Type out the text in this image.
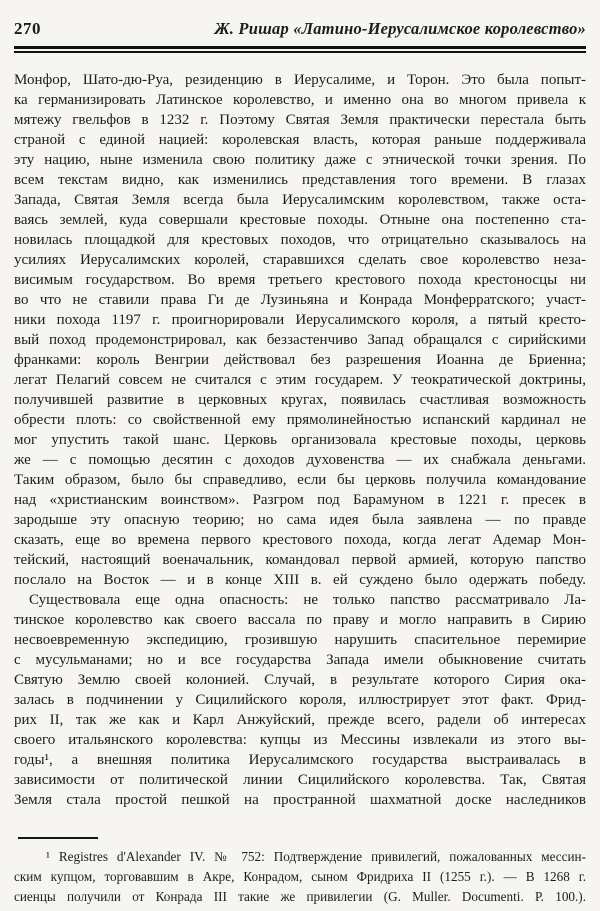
270	Ж. Ришар «Латино-Иерусалимское королевство»
Монфор, Шато-дю-Руа, резиденцию в Иерусалиме, и Торон. Это была попыт-
ка германизировать Латинское королевство, и именно она во многом привела к
мятежу гвельфов в 1232 г. Поэтому Святая Земля практически перестала быть
страной с единой нацией: королевская власть, которая раньше поддерживала
эту нацию, ныне изменила свою политику даже с этнической точки зрения. По
всем текстам видно, как изменились представления того времени. В глазах
Запада, Святая Земля всегда была Иерусалимским королевством, также оста-
ваясь землей, куда совершали крестовые походы. Отныне она постепенно ста-
новилась площадкой для крестовых походов, что отрицательно сказывалось на
усилиях Иерусалимских королей, старавшихся сделать свое королевство неза-
висимым государством. Во время третьего крестового похода крестоносцы ни
во что не ставили права Ги де Лузиньяна и Конрада Монферратского; участ-
ники похода 1197 г. проигнорировали Иерусалимского короля, а пятый кресто-
вый поход продемонстрировал, как беззастенчиво Запад обращался с сирийскими
франками: король Венгрии действовал без разрешения Иоанна де Бриенна;
легат Пелагий совсем не считался с этим государем. У теократической доктрины,
получившей развитие в церковных кругах, появилась счастливая возможность
обрести плоть: со свойственной ему прямолинейностью испанский кардинал не
мог упустить такой шанс. Церковь организовала крестовые походы, церковь
же — с помощью десятин с доходов духовенства — их снабжала деньгами.
Таким образом, было бы справедливо, если бы церковь получила командование
над «христианским воинством». Разгром под Барамуном в 1221 г. пресек в
зародыше эту опасную теорию; но сама идея была заявлена — по правде
сказать, еще во времена первого крестового похода, когда легат Адемар Мон-
тейский, настоящий военачальник, командовал первой армией, которую папство
послало на Восток — и в конце XIII в. ей суждено было одержать победу.
Существовала еще одна опасность: не только папство рассматривало Ла-
тинское королевство как своего вассала по праву и могло направить в Сирию
несвоевременную экспедицию, грозившую нарушить спасительное перемирие
с мусульманами; но и все государства Запада имели обыкновение считать
Святую Землю своей колонией. Случай, в результате которого Сирия ока-
залась в подчинении у Сицилийского короля, иллюстрирует этот факт. Фрид-
рих II, так же как и Карл Анжуйский, прежде всего, радели об интересах
своего итальянского королевства: купцы из Мессины извлекали из этого вы-
годы¹, а внешняя политика Иерусалимского государства выстраивалась в
зависимости от политической линии Сицилийского королевства. Так, Святая
Земля стала простой пешкой на пространной шахматной доске наследников
¹ Registres d'Alexander IV. № 752: Подтверждение привилегий, пожалованных мессин-
ским купцом, торговавшим в Акре, Конрадом, сыном Фридриха II (1255 г.). — В 1268 г.
сиенцы получили от Конрада III такие же привилегии (G. Muller. Documenti. Р. 100.).
